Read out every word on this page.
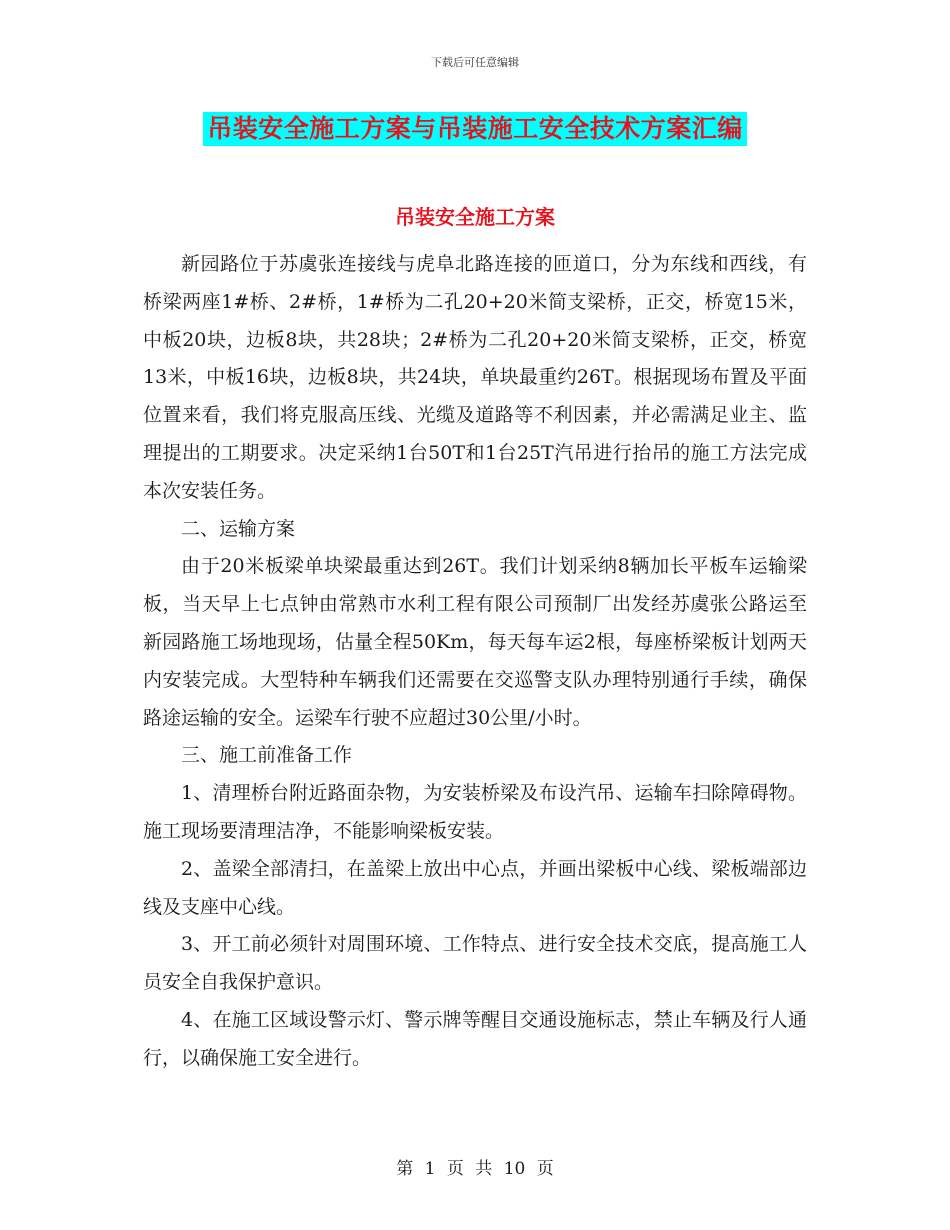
下载后可任意编辑
吊装安全施工方案与吊装施工安全技术方案汇编
吊装安全施工方案

新园路位于苏虞张连接线与虎阜北路连接的匝道口，分为东线和西线，有桥梁两座1#桥、2#桥，1#桥为二孔20+20米简支梁桥，正交，桥宽15米，中板20块，边板8块，共28块；2#桥为二孔20+20米简支梁桥，正交，桥宽13米，中板16块，边板8块，共24块，单块最重约26T。根据现场布置及平面位置来看，我们将克服高压线、光缆及道路等不利因素，并必需满足业主、监理提出的工期要求。决定采纳1台50T和1台25T汽吊进行抬吊的施工方法完成本次安装任务。

二、运输方案

由于20米板梁单块梁最重达到26T。我们计划采纳8辆加长平板车运输梁板，当天早上七点钟由常熟市水利工程有限公司预制厂出发经苏虞张公路运至新园路施工场地现场，估量全程50Km，每天每车运2根，每座桥梁板计划两天内安装完成。大型特种车辆我们还需要在交巡警支队办理特别通行手续，确保路途运输的安全。运梁车行驶不应超过30公里/小时。

三、施工前准备工作

1、清理桥台附近路面杂物，为安装桥梁及布设汽吊、运输车扫除障碍物。施工现场要清理洁净，不能影响梁板安装。

2、盖梁全部清扫，在盖梁上放出中心点，并画出梁板中心线、梁板端部边线及支座中心线。

3、开工前必须针对周围环境、工作特点、进行安全技术交底，提高施工人员安全自我保护意识。

4、在施工区域设警示灯、警示牌等醒目交通设施标志，禁止车辆及行人通行，以确保施工安全进行。

第 1 页 共 10 页
